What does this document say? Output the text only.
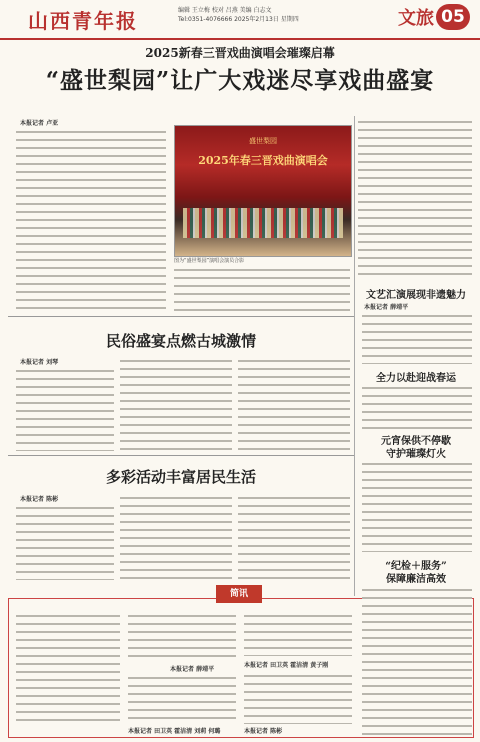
山西青年报	编辑 王立梅 校对 吕燕 美编 白志文
Tel:0351-4076666 2025年2月13日 星期四	文旅 05
2025新春三晋戏曲演唱会璀璨启幕
“盛世梨园”让广大戏迷尽享戏曲盛宴
本报记者 卢亚
盛世梨园
2025年春三晋戏曲演唱会
图为“盛世梨园”演唱会演员合影
民俗盛宴点燃古城激情
本报记者 刘琴
多彩活动丰富居民生活
本报记者 陈彬
文艺汇演展现非遗魅力
本报记者 薛靖平
全力以赴迎战春运
元宵保供不停歇
守护璀璨灯火
“纪检＋服务”
保障廉洁高效
简讯
本报记者 薛靖平
本报记者 田卫英 霍洁清 刘莉 何璐
本报记者 田卫英 霍洁清 黄子刚
本报记者 陈彬
